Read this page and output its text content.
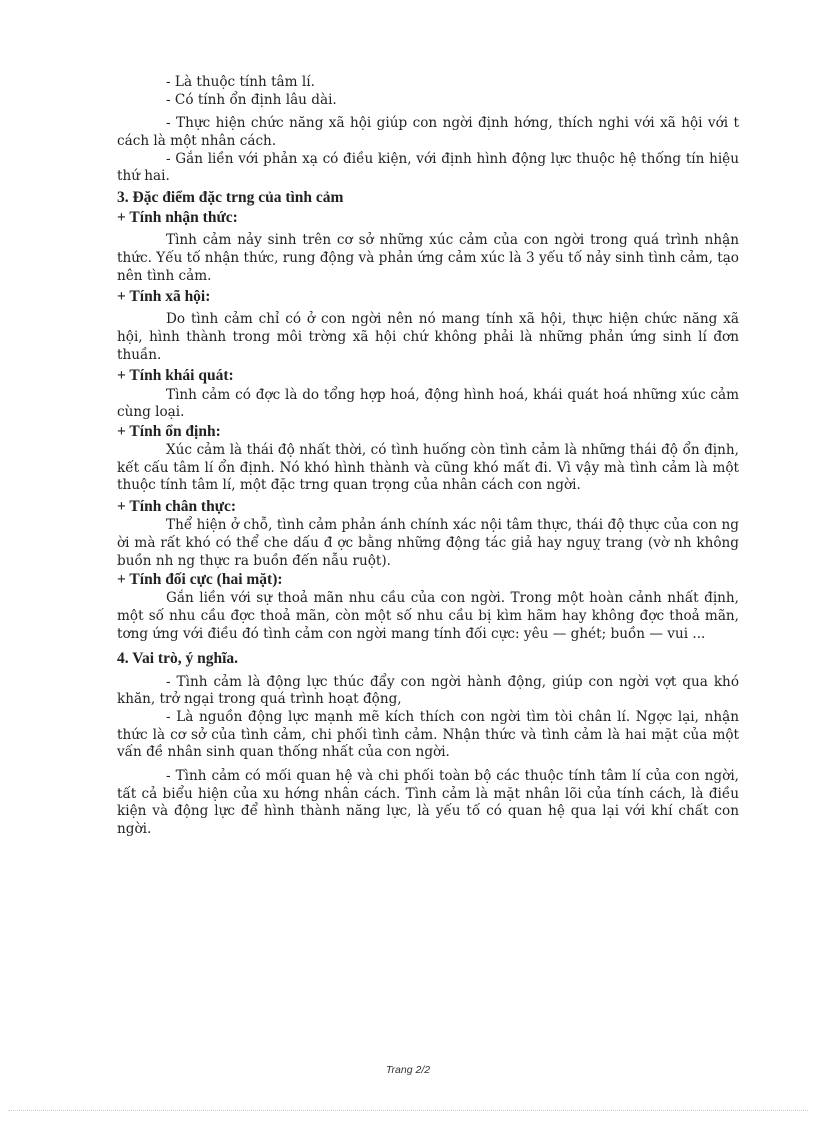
- Là thuộc tính tâm lí.

- Có tính ổn định lâu dài.

- Thực hiện chức năng xã hội giúp con ngời định hớng, thích nghi với xã hội với t cách là một nhân cách.

- Gắn liền với phản xạ có điều kiện, với định hình động lực thuộc hệ thống tín hiệu thứ hai.

3. Đặc điểm đặc trng của tình cảm
+ Tính nhận thức:

Tình cảm nảy sinh trên cơ sở những xúc cảm của con ngời trong quá trình nhận thức. Yếu tố nhận thức, rung động và phản ứng cảm xúc là 3 yếu tố nảy sinh tình cảm, tạo nên tình cảm.

+ Tính xã hội:

Do tình cảm chỉ có ở con ngời nên nó mang tính xã hội, thực hiện chức năng xã hội, hình thành trong môi trờng xã hội chứ không phải là những phản ứng sinh lí đơn thuần.

+ Tính khái quát:

Tình cảm có đợc là do tổng hợp hoá, động hình hoá, khái quát hoá những xúc cảm cùng loại.

+ Tính ổn định:

Xúc cảm là thái độ nhất thời, có tình huống còn tình cảm là những thái độ ổn định, kết cấu tâm lí ổn định. Nó khó hình thành và cũng khó mất đi. Vì vậy mà tình cảm là một thuộc tính tâm lí, một đặc trng quan trọng của nhân cách con ngời.

+ Tính chân thực:

Thể hiện ở chỗ, tình cảm phản ánh chính xác nội tâm thực, thái độ thực của con ng ời mà rất khó có thể che dấu đ ợc bằng những động tác giả hay nguỵ trang (vờ nh không buồn nh ng thực ra buồn đến nẫu ruột).

+ Tính đối cực (hai mặt):

Gắn liền với sự thoả mãn nhu cầu của con ngời. Trong một hoàn cảnh nhất định, một số nhu cầu đợc thoả mãn, còn một số nhu cầu bị kìm hãm hay không đợc thoả mãn, tơng ứng với điều đó tình cảm con ngời mang tính đối cực: yêu — ghét; buồn — vui ...

4. Vai trò, ý nghĩa.

- Tình cảm là động lực thúc đẩy con ngời hành động, giúp con ngời vợt qua khó khăn, trở ngại trong quá trình hoạt động,

- Là nguồn động lực mạnh mẽ kích thích con ngời tìm tòi chân lí. Ngợc lại, nhận thức là cơ sở của tình cảm, chi phối tình cảm. Nhận thức và tình cảm là hai mặt của một vấn đề nhân sinh quan thống nhất của con ngời.

- Tình cảm có mối quan hệ và chi phối toàn bộ các thuộc tính tâm lí của con ngời, tất cả biểu hiện của xu hớng nhân cách. Tình cảm là mặt nhân lõi của tính cách, là điều kiện và động lực để hình thành năng lực, là yếu tố có quan hệ qua lại với khí chất con ngời.

Trang 2/2
